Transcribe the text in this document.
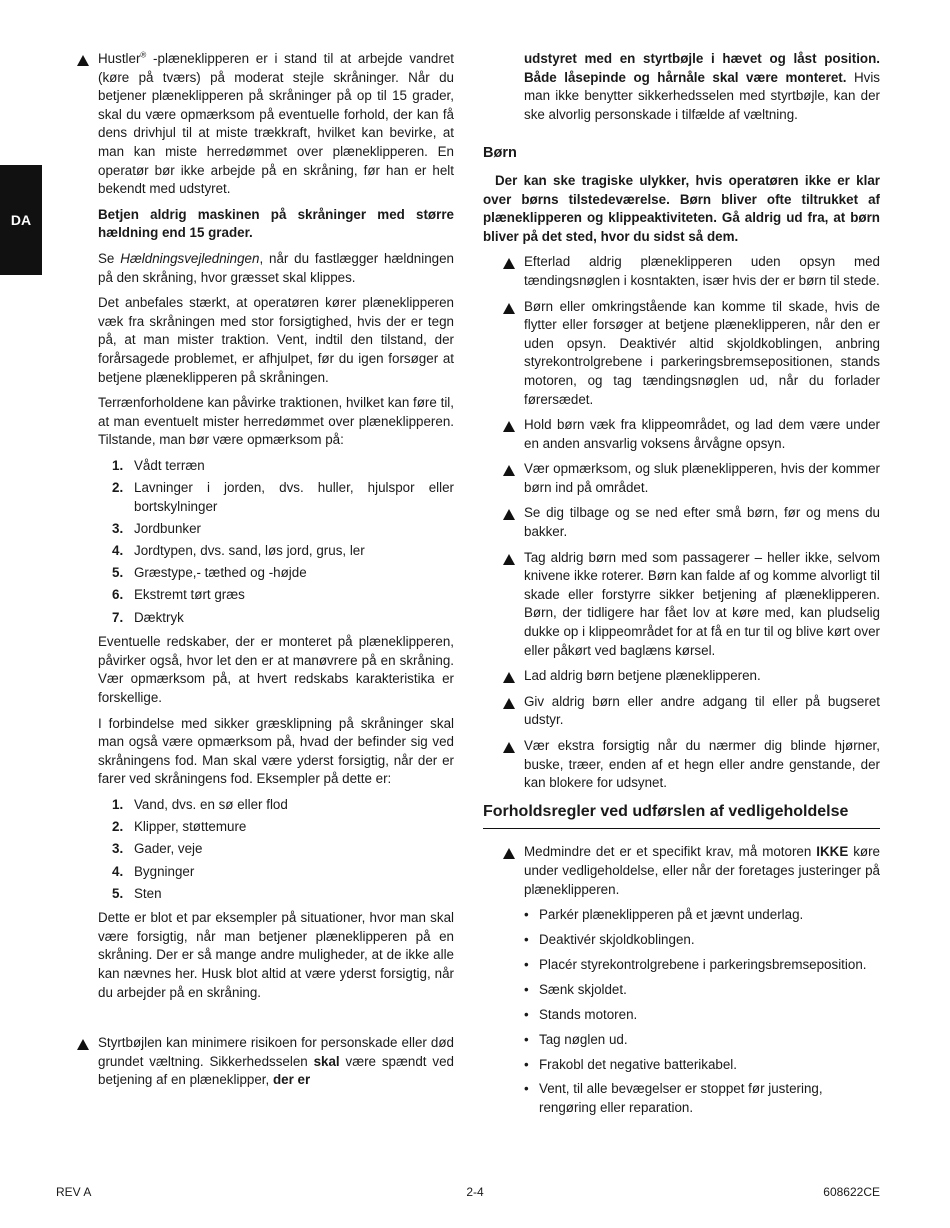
DA

Hustler® -plæneklipperen er i stand til at arbejde vandret (køre på tværs) på moderat stejle skråninger. Når du betjener plæneklipperen på skråninger på op til 15 grader, skal du være opmærksom på eventuelle forhold, der kan få dens drivhjul til at miste trækkraft, hvilket kan bevirke, at man kan miste herredømmet over plæneklipperen. En operatør bør ikke arbejde på en skråning, før han er helt bekendt med udstyret.

Betjen aldrig maskinen på skråninger med større hældning end 15 grader.

Se Hældningsvejledningen, når du fastlægger hældningen på den skråning, hvor græsset skal klippes.

Det anbefales stærkt, at operatøren kører plæneklipperen væk fra skråningen med stor forsigtighed, hvis der er tegn på, at man mister traktion. Vent, indtil den tilstand, der forårsagede problemet, er afhjulpet, før du igen forsøger at betjene plæneklipperen på skråningen.

Terrænforholdene kan påvirke traktionen, hvilket kan føre til, at man eventuelt mister herredømmet over plæneklipperen. Tilstande, man bør være opmærksom på:

1. Vådt terræn
2. Lavninger i jorden, dvs. huller, hjulspor eller bortskylninger
3. Jordbunker
4. Jordtypen, dvs. sand, løs jord, grus, ler
5. Græstype,- tæthed og -højde
6. Ekstremt tørt græs
7. Dæktryk

Eventuelle redskaber, der er monteret på plæneklipperen, påvirker også, hvor let den er at manøvrere på en skråning. Vær opmærksom på, at hvert redskabs karakteristika er forskellige.

I forbindelse med sikker græsklipning på skråninger skal man også være opmærksom på, hvad der befinder sig ved skråningens fod. Man skal være yderst forsigtig, når der er farer ved skråningens fod. Eksempler på dette er:

1. Vand, dvs. en sø eller flod
2. Klipper, støttemure
3. Gader, veje
4. Bygninger
5. Sten

Dette er blot et par eksempler på situationer, hvor man skal være forsigtig, når man betjener plæneklipperen på en skråning. Der er så mange andre muligheder, at de ikke alle kan nævnes her. Husk blot altid at være yderst forsigtig, når du arbejder på en skråning.

Styrtbøjlen kan minimere risikoen for personskade eller død grundet væltning. Sikkerhedsselen skal være spændt ved betjening af en plæneklipper, der er

udstyret med en styrtbøjle i hævet og låst position. Både låsepinde og hårnåle skal være monteret. Hvis man ikke benytter sikkerhedsselen med styrtbøjle, kan der ske alvorlig personskade i tilfælde af væltning.

Børn

Der kan ske tragiske ulykker, hvis operatøren ikke er klar over børns tilstedeværelse. Børn bliver ofte tiltrukket af plæneklipperen og klippeaktiviteten. Gå aldrig ud fra, at børn bliver på det sted, hvor du sidst så dem.

Efterlad aldrig plæneklipperen uden opsyn med tændingsnøglen i kosntakten, især hvis der er børn til stede.

Børn eller omkringstående kan komme til skade, hvis de flytter eller forsøger at betjene plæneklipperen, når den er uden opsyn. Deaktivér altid skjoldkoblingen, anbring styrekontrolgrebene i parkeringsbremsepositionen, stands motoren, og tag tændingsnøglen ud, når du forlader førersædet.

Hold børn væk fra klippeområdet, og lad dem være under en anden ansvarlig voksens årvågne opsyn.

Vær opmærksom, og sluk plæneklipperen, hvis der kommer børn ind på området.

Se dig tilbage og se ned efter små børn, før og mens du bakker.

Tag aldrig børn med som passagerer – heller ikke, selvom knivene ikke roterer. Børn kan falde af og komme alvorligt til skade eller forstyrre sikker betjening af plæneklipperen. Børn, der tidligere har fået lov at køre med, kan pludselig dukke op i klippeområdet for at få en tur til og blive kørt over eller påkørt ved baglæns kørsel.

Lad aldrig børn betjene plæneklipperen.

Giv aldrig børn eller andre adgang til eller på bugseret udstyr.

Vær ekstra forsigtig når du nærmer dig blinde hjørner, buske, træer, enden af et hegn eller andre genstande, der kan blokere for udsynet.

Forholdsregler ved udførslen af vedligeholdelse

Medmindre det er et specifikt krav, må motoren IKKE køre under vedligeholdelse, eller når der foretages justeringer på plæneklipperen.

• Parkér plæneklipperen på et jævnt underlag.
• Deaktivér skjoldkoblingen.
• Placér styrekontrolgrebene i parkeringsbremseposition.
• Sænk skjoldet.
• Stands motoren.
• Tag nøglen ud.
• Frakobl det negative batterikabel.
• Vent, til alle bevægelser er stoppet før justering, rengøring eller reparation.
REV A	2-4	608622CE
